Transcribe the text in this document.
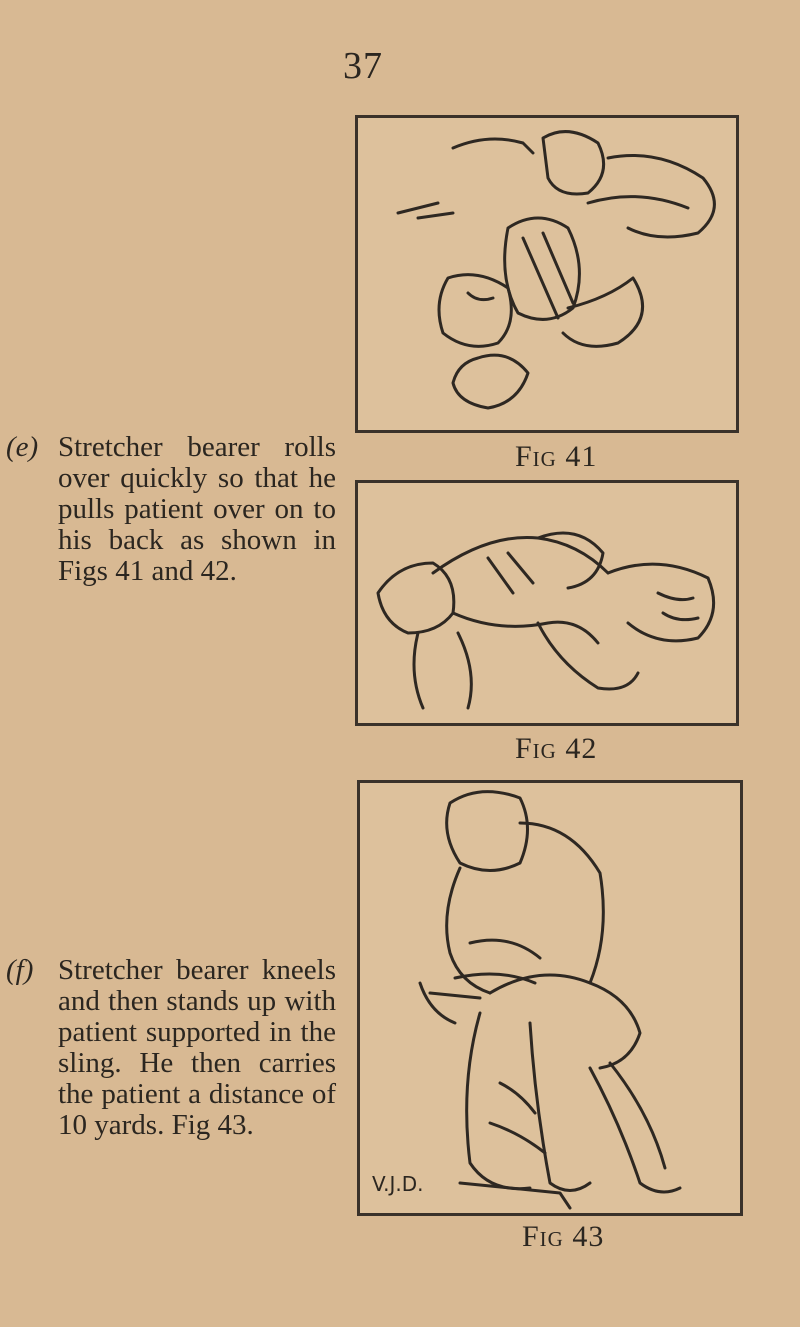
37
(e) Stretcher bearer rolls over quickly so that he pulls patient over on to his back as shown in Figs 41 and 42.
(f) Stretcher bearer kneels and then stands up with patient supported in the sling. He then carries the patient a distance of 10 yards. Fig 43.
Fig 41
Fig 42
V.J.D.
Fig 43
